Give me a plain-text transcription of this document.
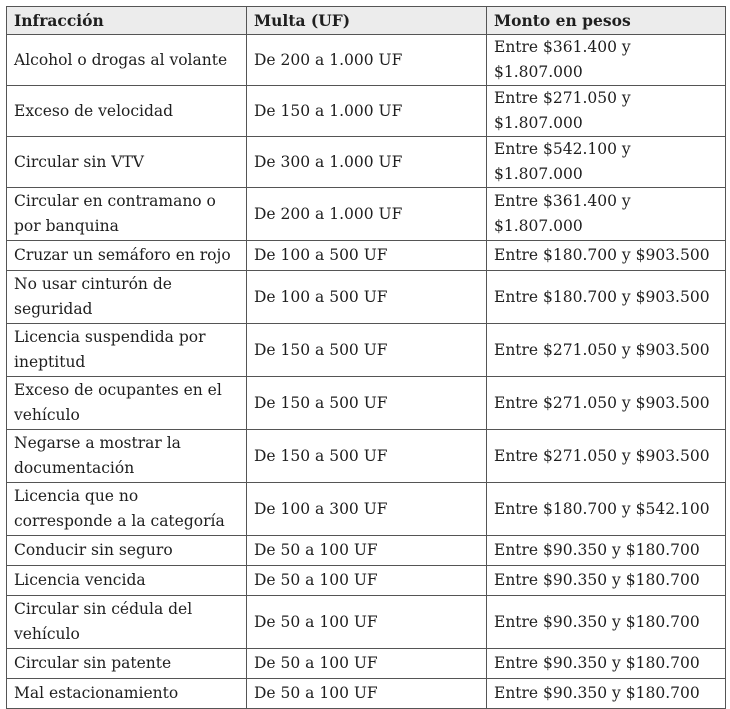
Infracción	Multa (UF)	Monto en pesos
Alcohol o drogas al volante	De 200 a 1.000 UF	Entre $361.400 y $1.807.000
Exceso de velocidad	De 150 a 1.000 UF	Entre $271.050 y $1.807.000
Circular sin VTV	De 300 a 1.000 UF	Entre $542.100 y $1.807.000
Circular en contramano o por banquina	De 200 a 1.000 UF	Entre $361.400 y $1.807.000
Cruzar un semáforo en rojo	De 100 a 500 UF	Entre $180.700 y $903.500
No usar cinturón de seguridad	De 100 a 500 UF	Entre $180.700 y $903.500
Licencia suspendida por ineptitud	De 150 a 500 UF	Entre $271.050 y $903.500
Exceso de ocupantes en el vehículo	De 150 a 500 UF	Entre $271.050 y $903.500
Negarse a mostrar la documentación	De 150 a 500 UF	Entre $271.050 y $903.500
Licencia que no corresponde a la categoría	De 100 a 300 UF	Entre $180.700 y $542.100
Conducir sin seguro	De 50 a 100 UF	Entre $90.350 y $180.700
Licencia vencida	De 50 a 100 UF	Entre $90.350 y $180.700
Circular sin cédula del vehículo	De 50 a 100 UF	Entre $90.350 y $180.700
Circular sin patente	De 50 a 100 UF	Entre $90.350 y $180.700
Mal estacionamiento	De 50 a 100 UF	Entre $90.350 y $180.700
